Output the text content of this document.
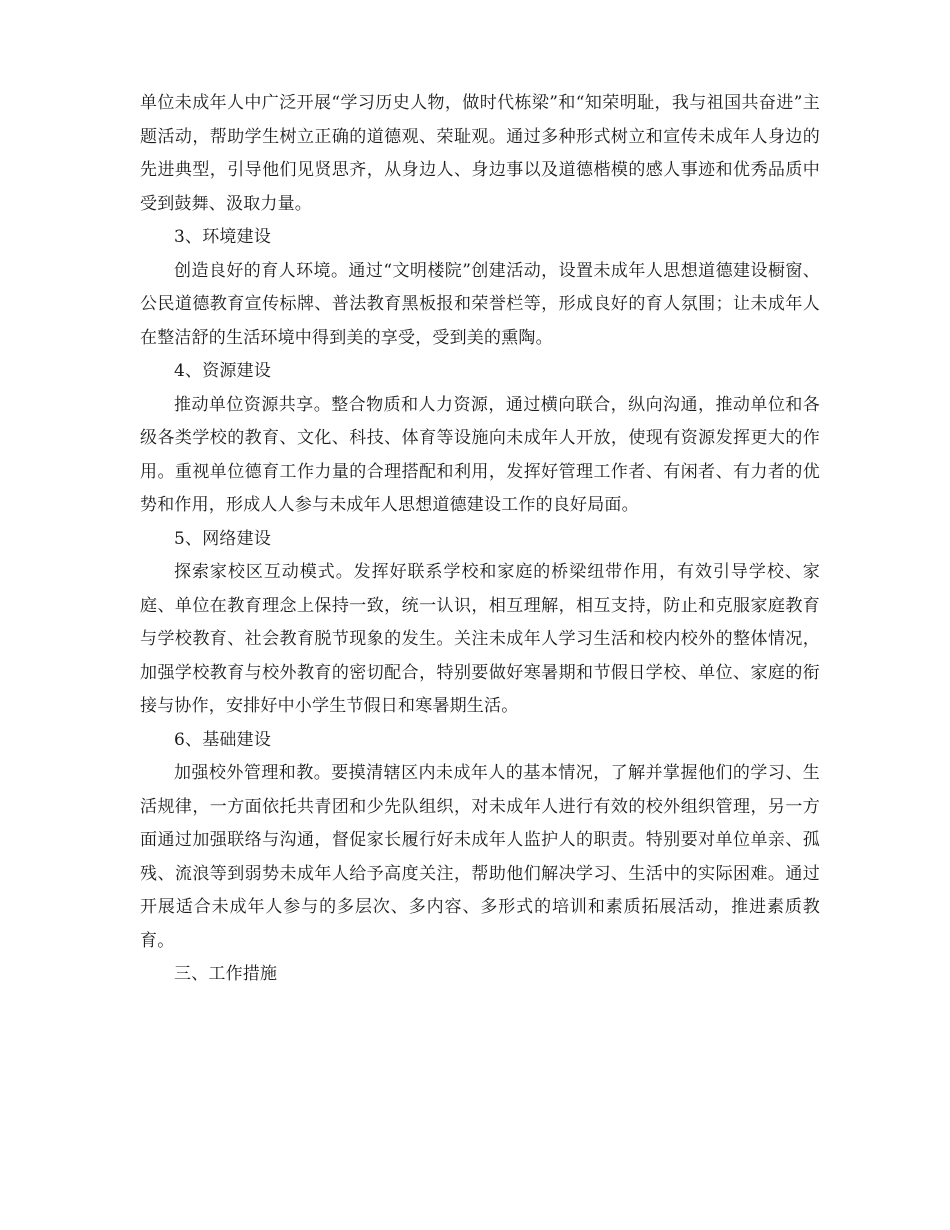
单位未成年人中广泛开展“学习历史人物，做时代栋梁”和“知荣明耻，我与祖国共奋进”主题活动，帮助学生树立正确的道德观、荣耻观。通过多种形式树立和宣传未成年人身边的先进典型，引导他们见贤思齐，从身边人、身边事以及道德楷模的感人事迹和优秀品质中受到鼓舞、汲取力量。

3、环境建设

创造良好的育人环境。通过“文明楼院”创建活动，设置未成年人思想道德建设橱窗、公民道德教育宣传标牌、普法教育黑板报和荣誉栏等，形成良好的育人氛围；让未成年人在整洁舒的生活环境中得到美的享受，受到美的熏陶。

4、资源建设

推动单位资源共享。整合物质和人力资源，通过横向联合，纵向沟通，推动单位和各级各类学校的教育、文化、科技、体育等设施向未成年人开放，使现有资源发挥更大的作用。重视单位德育工作力量的合理搭配和利用，发挥好管理工作者、有闲者、有力者的优势和作用，形成人人参与未成年人思想道德建设工作的良好局面。

5、网络建设

探索家校区互动模式。发挥好联系学校和家庭的桥梁纽带作用，有效引导学校、家庭、单位在教育理念上保持一致，统一认识，相互理解，相互支持，防止和克服家庭教育与学校教育、社会教育脱节现象的发生。关注未成年人学习生活和校内校外的整体情况，加强学校教育与校外教育的密切配合，特别要做好寒暑期和节假日学校、单位、家庭的衔接与协作，安排好中小学生节假日和寒暑期生活。

6、基础建设

加强校外管理和教。要摸清辖区内未成年人的基本情况，了解并掌握他们的学习、生活规律，一方面依托共青团和少先队组织，对未成年人进行有效的校外组织管理，另一方面通过加强联络与沟通，督促家长履行好未成年人监护人的职责。特别要对单位单亲、孤残、流浪等到弱势未成年人给予高度关注，帮助他们解决学习、生活中的实际困难。通过开展适合未成年人参与的多层次、多内容、多形式的培训和素质拓展活动，推进素质教育。

三、工作措施
